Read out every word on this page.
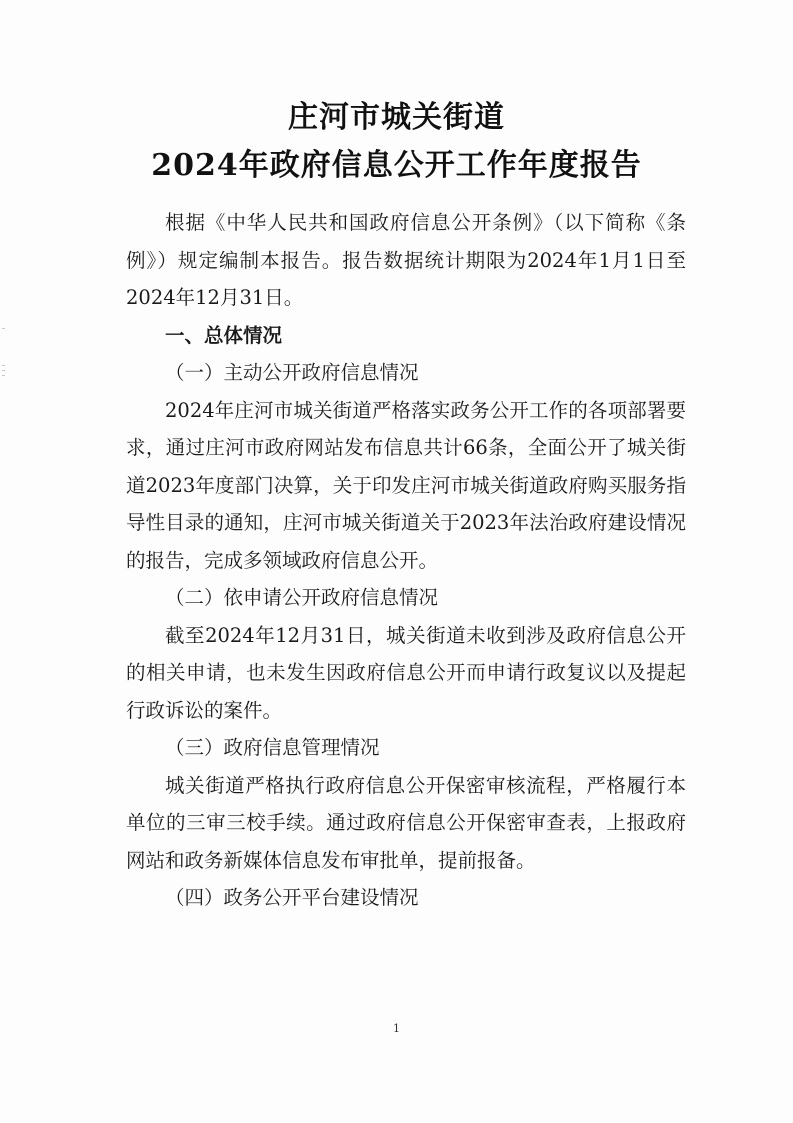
庄河市城关街道
2024年政府信息公开工作年度报告
根据《中华人民共和国政府信息公开条例》（以下简称《条例》）规定编制本报告。报告数据统计期限为2024年1月1日至2024年12月31日。
一、总体情况
（一）主动公开政府信息情况
2024年庄河市城关街道严格落实政务公开工作的各项部署要求，通过庄河市政府网站发布信息共计66条，全面公开了城关街道2023年度部门决算，关于印发庄河市城关街道政府购买服务指导性目录的通知，庄河市城关街道关于2023年法治政府建设情况的报告，完成多领域政府信息公开。
（二）依申请公开政府信息情况
截至2024年12月31日，城关街道未收到涉及政府信息公开的相关申请，也未发生因政府信息公开而申请行政复议以及提起行政诉讼的案件。
（三）政府信息管理情况
城关街道严格执行政府信息公开保密审核流程，严格履行本单位的三审三校手续。通过政府信息公开保密审查表，上报政府网站和政务新媒体信息发布审批单，提前报备。
（四）政务公开平台建设情况
1
